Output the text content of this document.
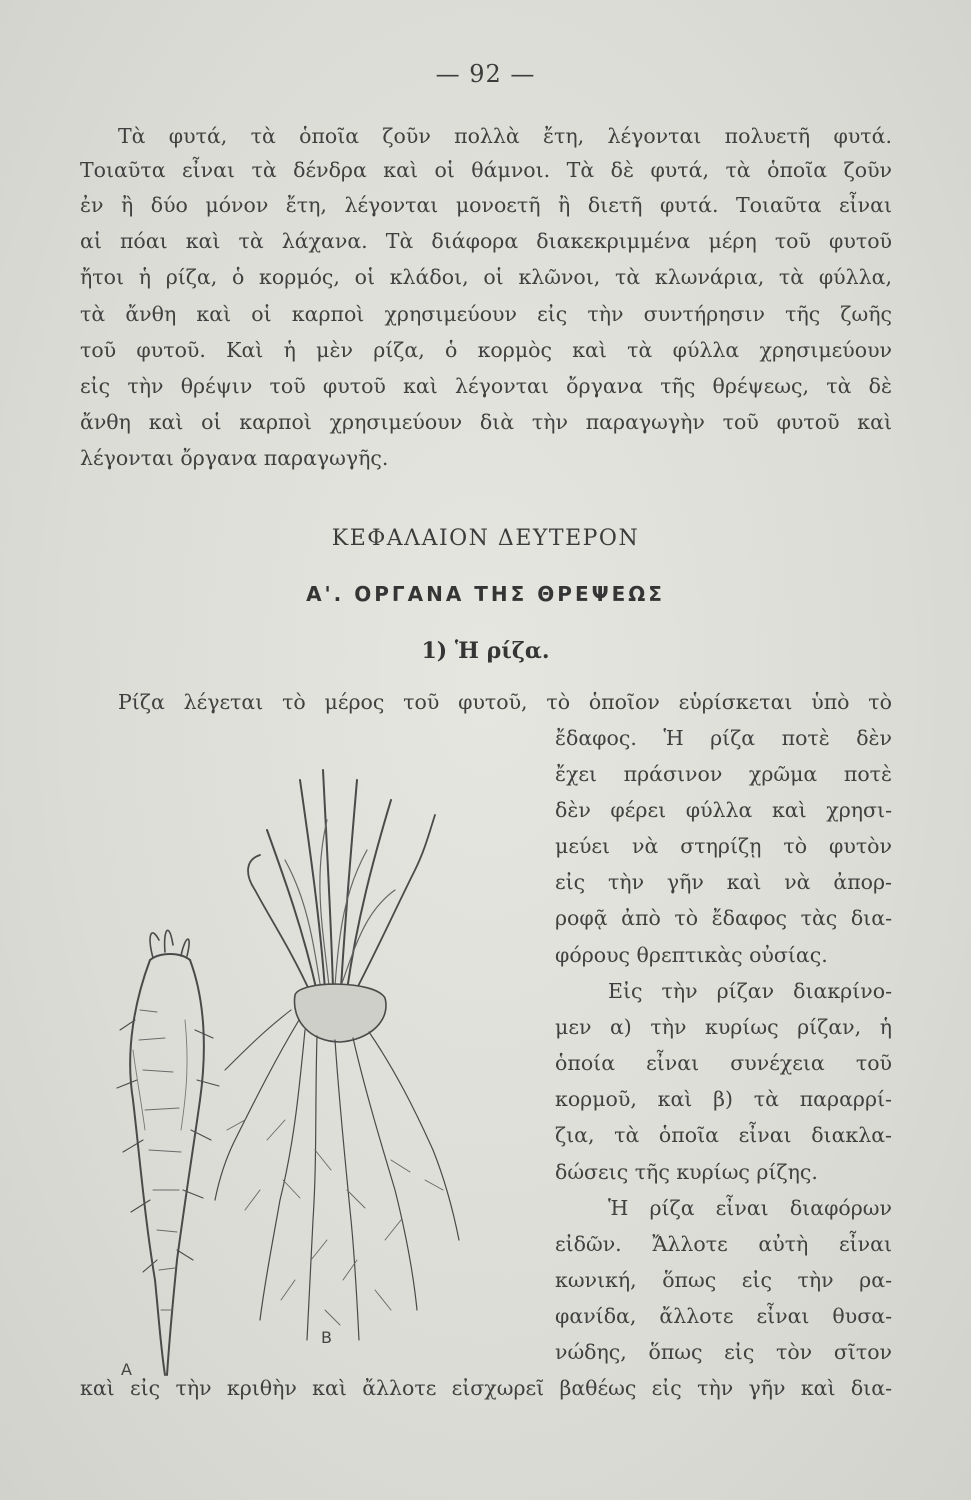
— 92 —
Τὰ φυτά, τὰ ὁποῖα ζοῦν πολλὰ ἔτη, λέγονται πολυετῆ φυτά.
Τοιαῦτα εἶναι τὰ δένδρα καὶ οἱ θάμνοι. Τὰ δὲ φυτά, τὰ ὁποῖα ζοῦν
ἐν ἢ δύο μόνον ἔτη, λέγονται μονοετῆ ἢ διετῆ φυτά. Τοιαῦτα εἶναι
αἱ πόαι καὶ τὰ λάχανα. Τὰ διάφορα διακεκριμμένα μέρη τοῦ φυτοῦ
ἤτοι ἡ ρίζα, ὁ κορμός, οἱ κλάδοι, οἱ κλῶνοι, τὰ κλωνάρια, τὰ φύλλα,
τὰ ἄνθη καὶ οἱ καρποὶ χρησιμεύουν εἰς τὴν συντήρησιν τῆς ζωῆς
τοῦ φυτοῦ. Καὶ ἡ μὲν ρίζα, ὁ κορμὸς καὶ τὰ φύλλα χρησιμεύουν
εἰς τὴν θρέψιν τοῦ φυτοῦ καὶ λέγονται ὄργανα τῆς θρέψεως, τὰ δὲ
ἄνθη καὶ οἱ καρποὶ χρησιμεύουν διὰ τὴν παραγωγὴν τοῦ φυτοῦ καὶ
λέγονται ὄργανα παραγωγῆς.
ΚΕΦΑΛΑΙΟΝ ΔΕΥΤΕΡΟΝ
Α'. ΟΡΓΑΝΑ ΤΗΣ ΘΡΕΨΕΩΣ
1) Ἡ ρίζα.
Ρίζα λέγεται τὸ μέρος τοῦ φυτοῦ, τὸ ὁποῖον εὑρίσκεται ὑπὸ τὸ
ἔδαφος. Ἡ ρίζα ποτὲ δὲν
ἔχει πράσινον χρῶμα ποτὲ
δὲν φέρει φύλλα καὶ χρησι-
μεύει νὰ στηρίζῃ τὸ φυτὸν
εἰς τὴν γῆν καὶ νὰ ἀπορ-
ροφᾷ ἀπὸ τὸ ἔδαφος τὰς δια-
φόρους θρεπτικὰς οὐσίας.
Εἰς τὴν ρίζαν διακρίνο-
μεν α) τὴν κυρίως ρίζαν, ἡ
ὁποία εἶναι συνέχεια τοῦ
κορμοῦ, καὶ β) τὰ παραρρί-
ζια, τὰ ὁποῖα εἶναι διακλα-
δώσεις τῆς κυρίως ρίζης.
Ἡ ρίζα εἶναι διαφόρων
εἰδῶν. Ἄλλοτε αὐτὴ εἶναι
κωνική, ὅπως εἰς τὴν ρα-
φανίδα, ἄλλοτε εἶναι θυσα-
νώδης, ὅπως εἰς τὸν σῖτον
καὶ εἰς τὴν κριθὴν καὶ ἄλλοτε εἰσχωρεῖ βαθέως εἰς τὴν γῆν καὶ δια-
A
B
